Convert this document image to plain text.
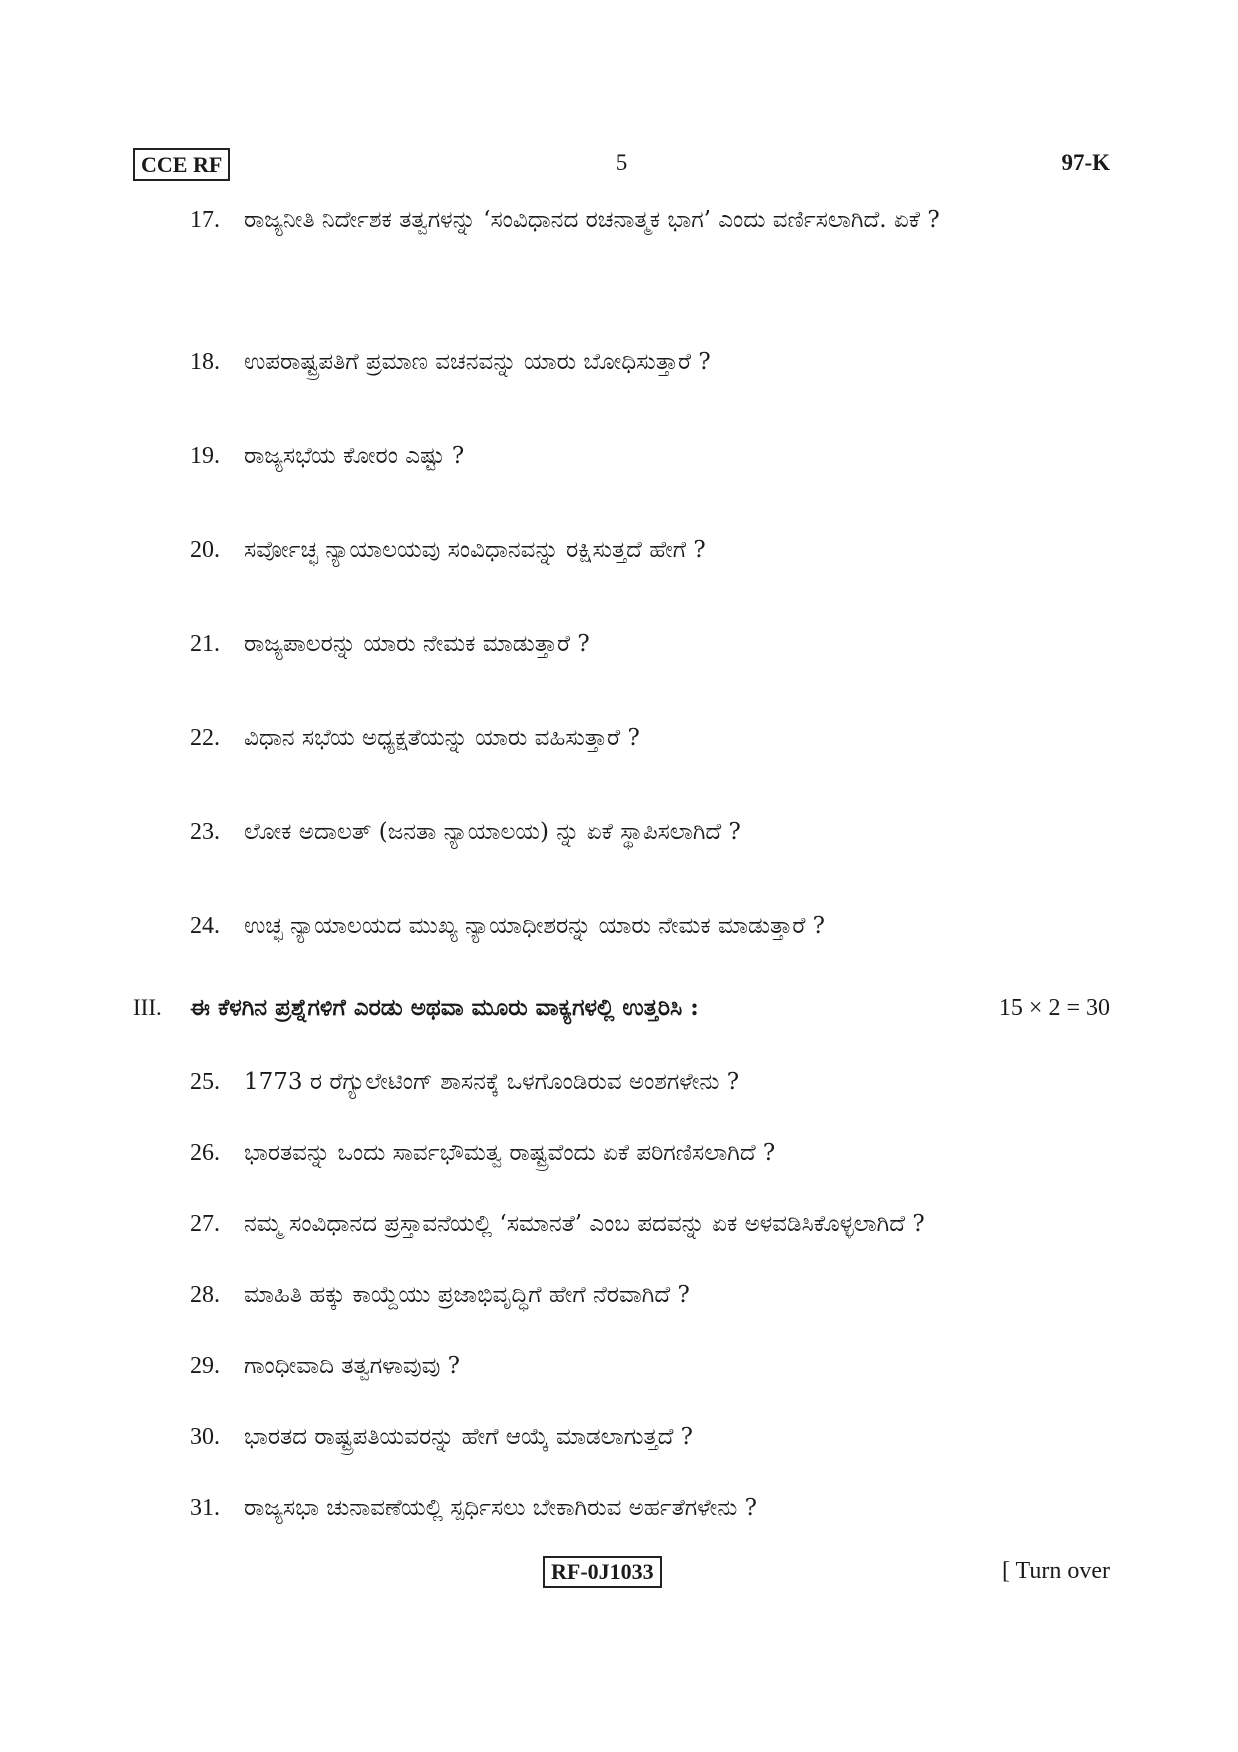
CCE RF	5	97-K
17. ರಾಜ್ಯನೀತಿ ನಿರ್ದೇಶಕ ತತ್ವಗಳನ್ನು ‘ಸಂವಿಧಾನದ ರಚನಾತ್ಮಕ ಭಾಗ’ ಎಂದು ವರ್ಣಿಸಲಾಗಿದೆ. ಏಕೆ ?
18. ಉಪರಾಷ್ಟ್ರಪತಿಗೆ ಪ್ರಮಾಣ ವಚನವನ್ನು ಯಾರು ಬೋಧಿಸುತ್ತಾರೆ ?
19. ರಾಜ್ಯಸಭೆಯ ಕೋರಂ ಎಷ್ಟು ?
20. ಸರ್ವೋಚ್ಛ ನ್ಯಾಯಾಲಯವು ಸಂವಿಧಾನವನ್ನು ರಕ್ಷಿಸುತ್ತದೆ ಹೇಗೆ ?
21. ರಾಜ್ಯಪಾಲರನ್ನು ಯಾರು ನೇಮಕ ಮಾಡುತ್ತಾರೆ ?
22. ವಿಧಾನ ಸಭೆಯ ಅಧ್ಯಕ್ಷತೆಯನ್ನು ಯಾರು ವಹಿಸುತ್ತಾರೆ ?
23. ಲೋಕ ಅದಾಲತ್ (ಜನತಾ ನ್ಯಾಯಾಲಯ) ನ್ನು ಏಕೆ ಸ್ಥಾಪಿಸಲಾಗಿದೆ ?
24. ಉಚ್ಛ ನ್ಯಾಯಾಲಯದ ಮುಖ್ಯ ನ್ಯಾಯಾಧೀಶರನ್ನು ಯಾರು ನೇಮಕ ಮಾಡುತ್ತಾರೆ ?
III. ಈ ಕೆಳಗಿನ ಪ್ರಶ್ನೆಗಳಿಗೆ ಎರಡು ಅಥವಾ ಮೂರು ವಾಕ್ಯಗಳಲ್ಲಿ ಉತ್ತರಿಸಿ :	15 × 2 = 30
25. 1773 ರ ರೆಗ್ಯುಲೇಟಿಂಗ್ ಶಾಸನಕ್ಕೆ ಒಳಗೊಂಡಿರುವ ಅಂಶಗಳೇನು ?
26. ಭಾರತವನ್ನು ಒಂದು ಸಾರ್ವಭೌಮತ್ವ ರಾಷ್ಟ್ರವೆಂದು ಏಕೆ ಪರಿಗಣಿಸಲಾಗಿದೆ ?
27. ನಮ್ಮ ಸಂವಿಧಾನದ ಪ್ರಸ್ತಾವನೆಯಲ್ಲಿ ‘ಸಮಾನತೆ’ ಎಂಬ ಪದವನ್ನು ಏಕ ಅಳವಡಿಸಿಕೊಳ್ಳಲಾಗಿದೆ ?
28. ಮಾಹಿತಿ ಹಕ್ಕು ಕಾಯ್ದೆಯು ಪ್ರಜಾಭಿವೃದ್ಧಿಗೆ ಹೇಗೆ ನೆರವಾಗಿದೆ ?
29. ಗಾಂಧೀವಾದಿ ತತ್ವಗಳಾವುವು ?
30. ಭಾರತದ ರಾಷ್ಟ್ರಪತಿಯವರನ್ನು ಹೇಗೆ ಆಯ್ಕೆ ಮಾಡಲಾಗುತ್ತದೆ ?
31. ರಾಜ್ಯಸಭಾ ಚುನಾವಣೆಯಲ್ಲಿ ಸ್ಪರ್ಧಿಸಲು ಬೇಕಾಗಿರುವ ಅರ್ಹತೆಗಳೇನು ?
RF-0J1033	[ Turn over
